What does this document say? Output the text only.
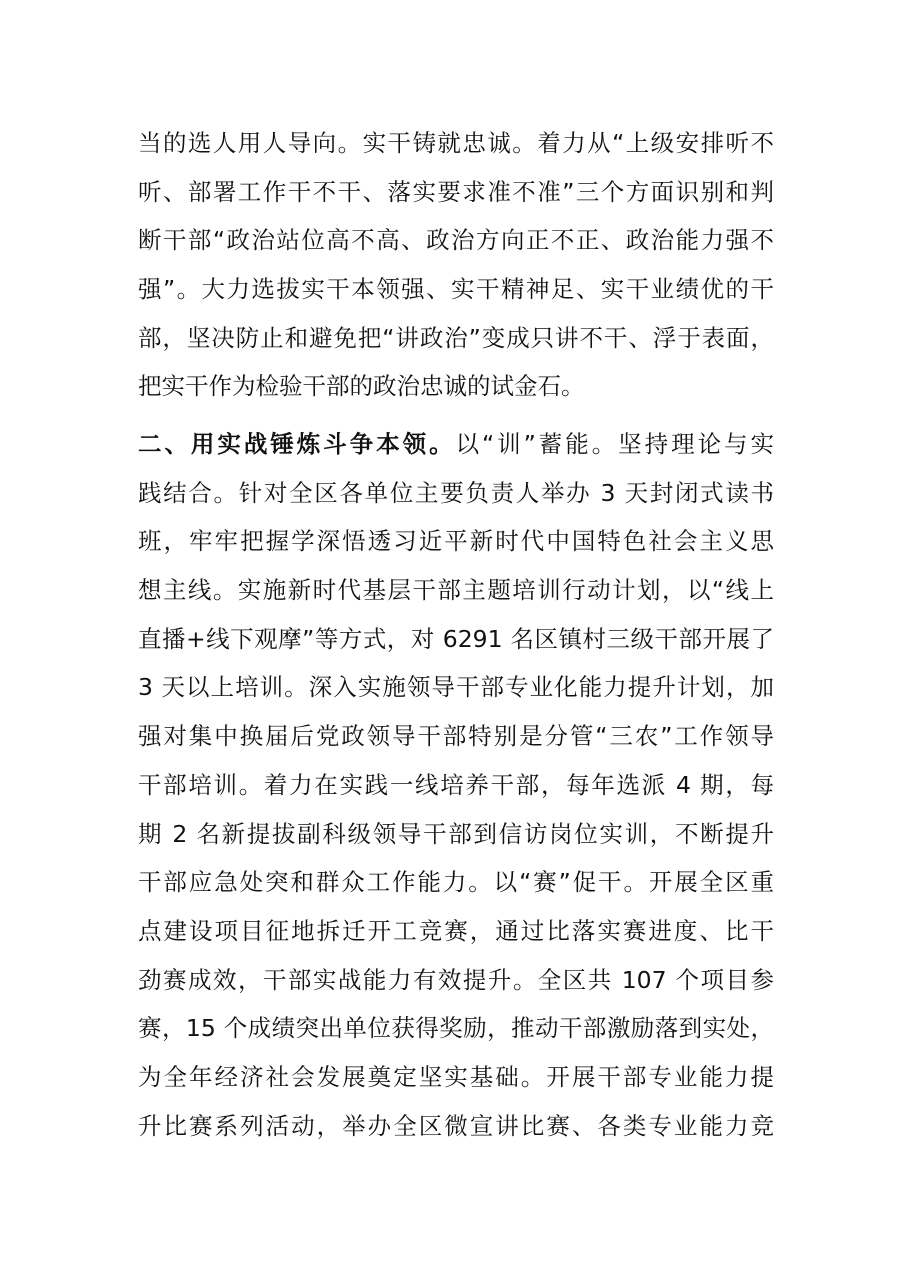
当的选人用人导向。实干铸就忠诚。着力从“上级安排听不
听、部署工作干不干、落实要求准不准”三个方面识别和判
断干部“政治站位高不高、政治方向正不正、政治能力强不
强”。大力选拔实干本领强、实干精神足、实干业绩优的干
部，坚决防止和避免把“讲政治”变成只讲不干、浮于表面，
把实干作为检验干部的政治忠诚的试金石。
二、用实战锤炼斗争本领。以“训”蓄能。坚持理论与实
践结合。针对全区各单位主要负责人举办 3 天封闭式读书
班，牢牢把握学深悟透习近平新时代中国特色社会主义思
想主线。实施新时代基层干部主题培训行动计划，以“线上
直播+线下观摩”等方式，对 6291 名区镇村三级干部开展了
3 天以上培训。深入实施领导干部专业化能力提升计划，加
强对集中换届后党政领导干部特别是分管“三农”工作领导
干部培训。着力在实践一线培养干部，每年选派 4 期，每
期 2 名新提拔副科级领导干部到信访岗位实训，不断提升
干部应急处突和群众工作能力。以“赛”促干。开展全区重
点建设项目征地拆迁开工竞赛，通过比落实赛进度、比干
劲赛成效，干部实战能力有效提升。全区共 107 个项目参
赛，15 个成绩突出单位获得奖励，推动干部激励落到实处，
为全年经济社会发展奠定坚实基础。开展干部专业能力提
升比赛系列活动，举办全区微宣讲比赛、各类专业能力竞
